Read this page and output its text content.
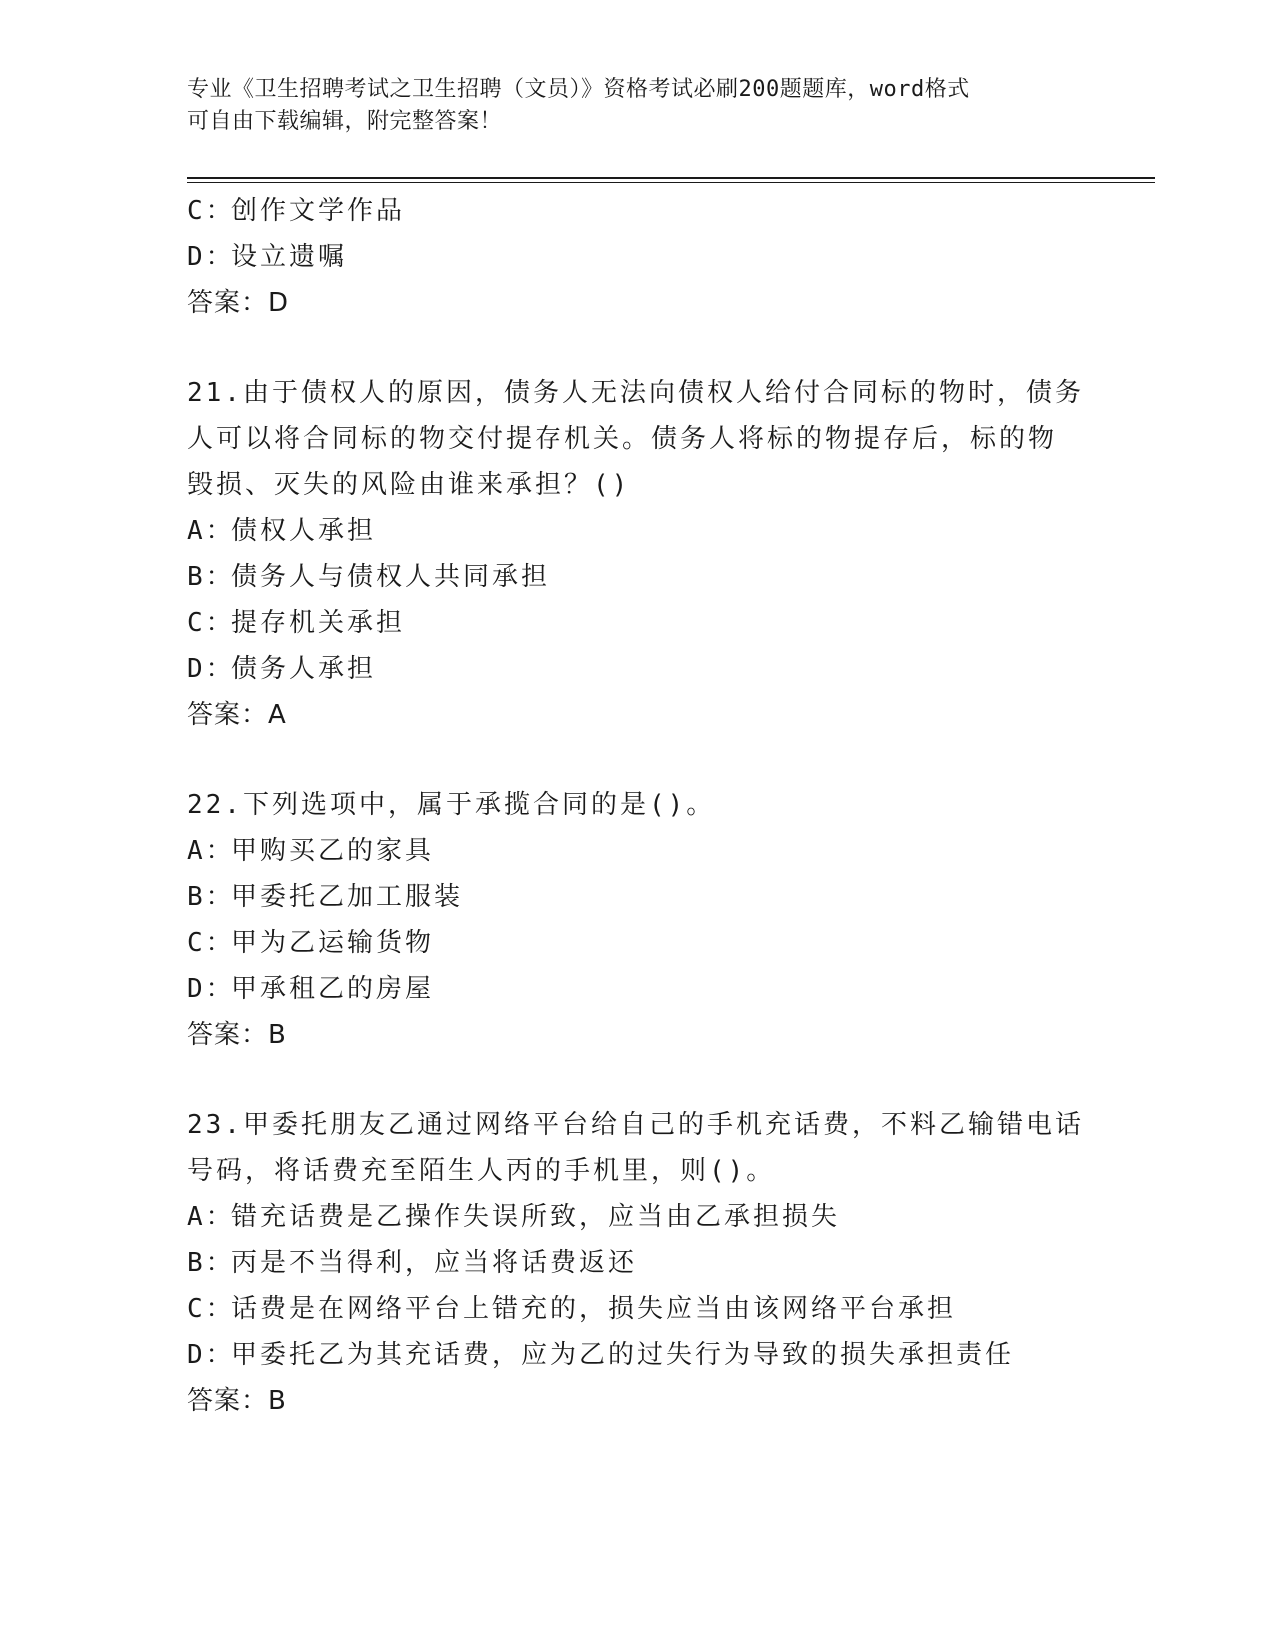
专业《卫生招聘考试之卫生招聘（文员）》资格考试必刷200题题库，word格式
可自由下载编辑，附完整答案！
C：创作文学作品
D：设立遗嘱
答案：D
21.由于债权人的原因，债务人无法向债权人给付合同标的物时，债务
人可以将合同标的物交付提存机关。债务人将标的物提存后，标的物
毁损、灭失的风险由谁来承担？()
A：债权人承担
B：债务人与债权人共同承担
C：提存机关承担
D：债务人承担
答案：A
22.下列选项中，属于承揽合同的是()。
A：甲购买乙的家具
B：甲委托乙加工服装
C：甲为乙运输货物
D：甲承租乙的房屋
答案：B
23.甲委托朋友乙通过网络平台给自己的手机充话费，不料乙输错电话
号码，将话费充至陌生人丙的手机里，则()。
A：错充话费是乙操作失误所致，应当由乙承担损失
B：丙是不当得利，应当将话费返还
C：话费是在网络平台上错充的，损失应当由该网络平台承担
D：甲委托乙为其充话费，应为乙的过失行为导致的损失承担责任
答案：B
